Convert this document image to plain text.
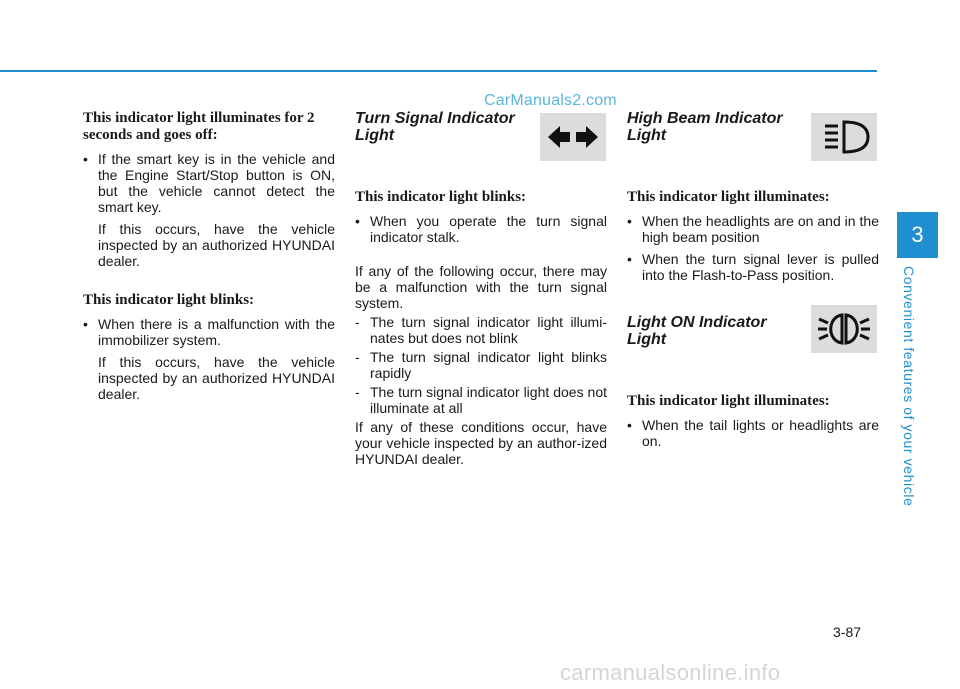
CarManuals2.com

This indicator light illuminates for 2 seconds and goes off:

• If the smart key is in the vehicle and the Engine Start/Stop button is ON, but the vehicle cannot detect the smart key.

If this occurs, have the vehicle inspected by an authorized HYUNDAI dealer.

This indicator light blinks:

• When there is a malfunction with the immobilizer system.

If this occurs, have the vehicle inspected by an authorized HYUNDAI dealer.

Turn Signal Indicator Light

This indicator light blinks:

• When you operate the turn signal indicator stalk.

If any of the following occur, there may be a malfunction with the turn signal system.

- The turn signal indicator light illumi-nates but does not blink

- The turn signal indicator light blinks rapidly

- The turn signal indicator light does not illuminate at all

If any of these conditions occur, have your vehicle inspected by an author-ized HYUNDAI dealer.

High Beam Indicator Light

This indicator light illuminates:

• When the headlights are on and in the high beam position

• When the turn signal lever is pulled into the Flash-to-Pass position.

Light ON Indicator Light

This indicator light illuminates:

• When the tail lights or headlights are on.

3
Convenient features of your vehicle
3-87
carmanualsonline.info
